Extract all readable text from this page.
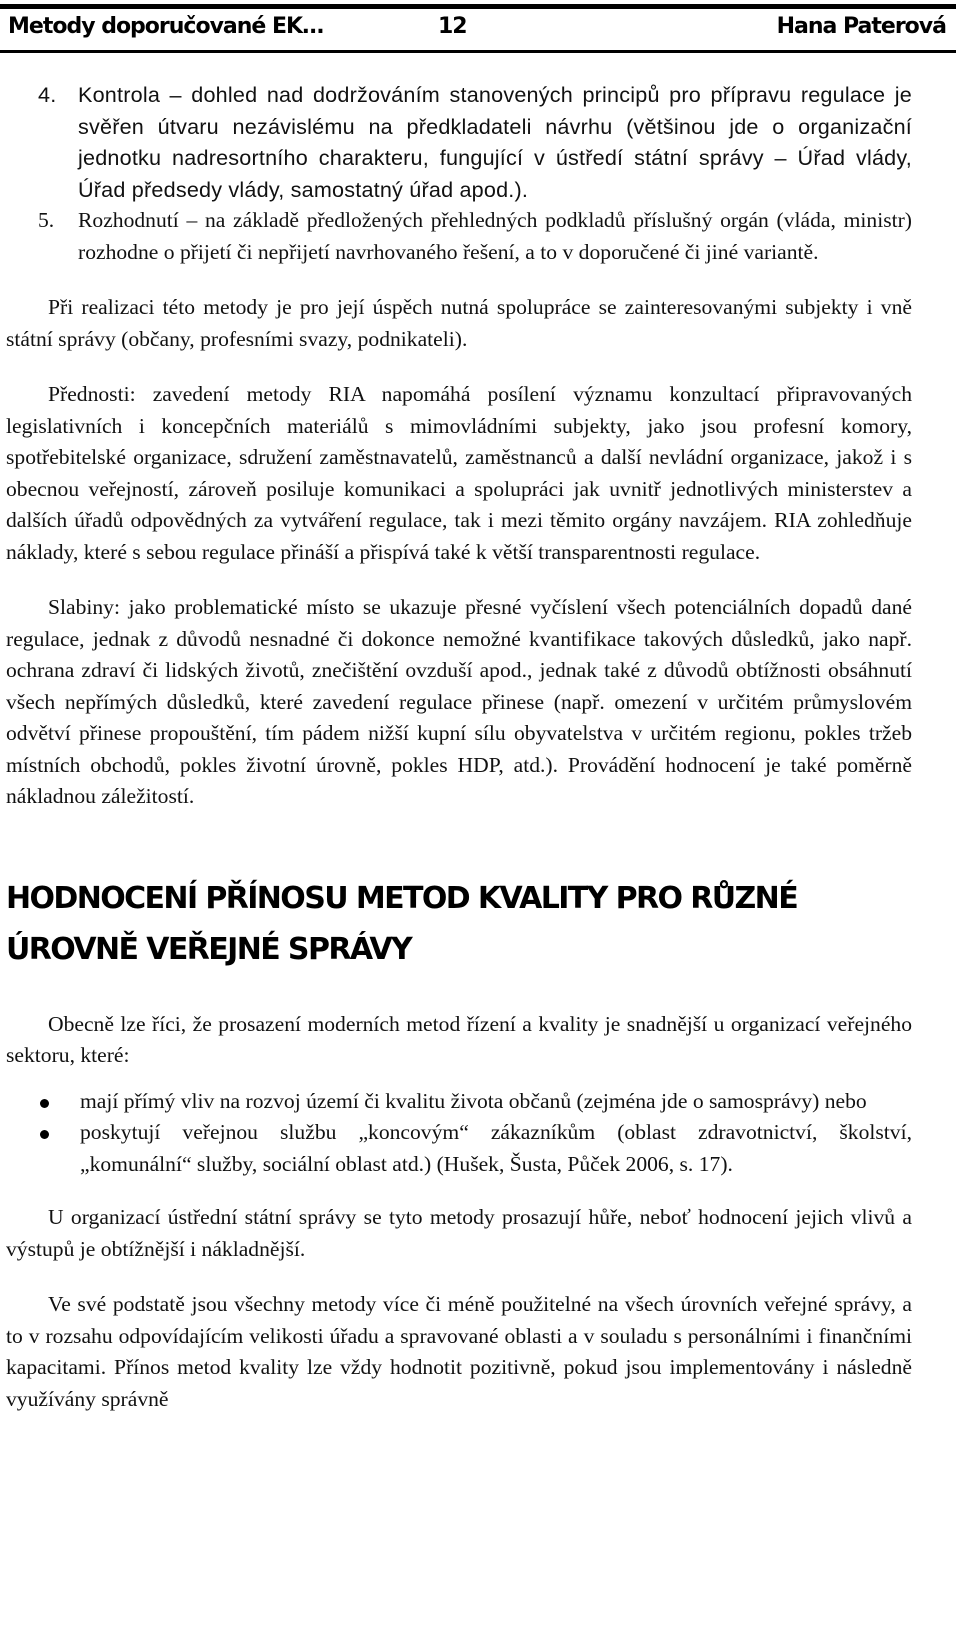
Metody doporučované EK…	12	Hana Paterová

4. Kontrola – dohled nad dodržováním stanovených principů pro přípravu regulace je svěřen útvaru nezávislému na předkladateli návrhu (většinou jde o organizační jednotku nadresortního charakteru, fungující v ústředí státní správy – Úřad vlády, Úřad předsedy vlády, samostatný úřad apod.).

5. Rozhodnutí – na základě předložených přehledných podkladů příslušný orgán (vláda, ministr) rozhodne o přijetí či nepřijetí navrhovaného řešení, a to v doporučené či jiné variantě.

Při realizaci této metody je pro její úspěch nutná spolupráce se zainteresovanými subjekty i vně státní správy (občany, profesními svazy, podnikateli).

Přednosti: zavedení metody RIA napomáhá posílení významu konzultací připravovaných legislativních i koncepčních materiálů s mimovládními subjekty, jako jsou profesní komory, spotřebitelské organizace, sdružení zaměstnavatelů, zaměstnanců a další nevládní organizace, jakož i s obecnou veřejností, zároveň posiluje komunikaci a spolupráci jak uvnitř jednotlivých ministerstev a dalších úřadů odpovědných za vytváření regulace, tak i mezi těmito orgány navzájem. RIA zohledňuje náklady, které s sebou regulace přináší a přispívá také k větší transparentnosti regulace.

Slabiny: jako problematické místo se ukazuje přesné vyčíslení všech potenciálních dopadů dané regulace, jednak z důvodů nesnadné či dokonce nemožné kvantifikace takových důsledků, jako např. ochrana zdraví či lidských životů, znečištění ovzduší apod., jednak také z důvodů obtížnosti obsáhnutí všech nepřímých důsledků, které zavedení regulace přinese (např. omezení v určitém průmyslovém odvětví přinese propouštění, tím pádem nižší kupní sílu obyvatelstva v určitém regionu, pokles tržeb místních obchodů, pokles životní úrovně, pokles HDP, atd.). Provádění hodnocení je také poměrně nákladnou záležitostí.

HODNOCENÍ PŘÍNOSU METOD KVALITY PRO RŮZNÉ ÚROVNĚ VEŘEJNÉ SPRÁVY

Obecně lze říci, že prosazení moderních metod řízení a kvality je snadnější u organizací veřejného sektoru, které:

mají přímý vliv na rozvoj území či kvalitu života občanů (zejména jde o samosprávy) nebo

poskytují veřejnou službu „koncovým“ zákazníkům (oblast zdravotnictví, školství, „komunální“ služby, sociální oblast atd.) (Hušek, Šusta, Půček 2006, s. 17).

U organizací ústřední státní správy se tyto metody prosazují hůře, neboť hodnocení jejich vlivů a výstupů je obtížnější i nákladnější.

Ve své podstatě jsou všechny metody více či méně použitelné na všech úrovních veřejné správy, a to v rozsahu odpovídajícím velikosti úřadu a spravované oblasti a v souladu s personálními i finančními kapacitami. Přínos metod kvality lze vždy hodnotit pozitivně, pokud jsou implementovány i následně využívány správně
